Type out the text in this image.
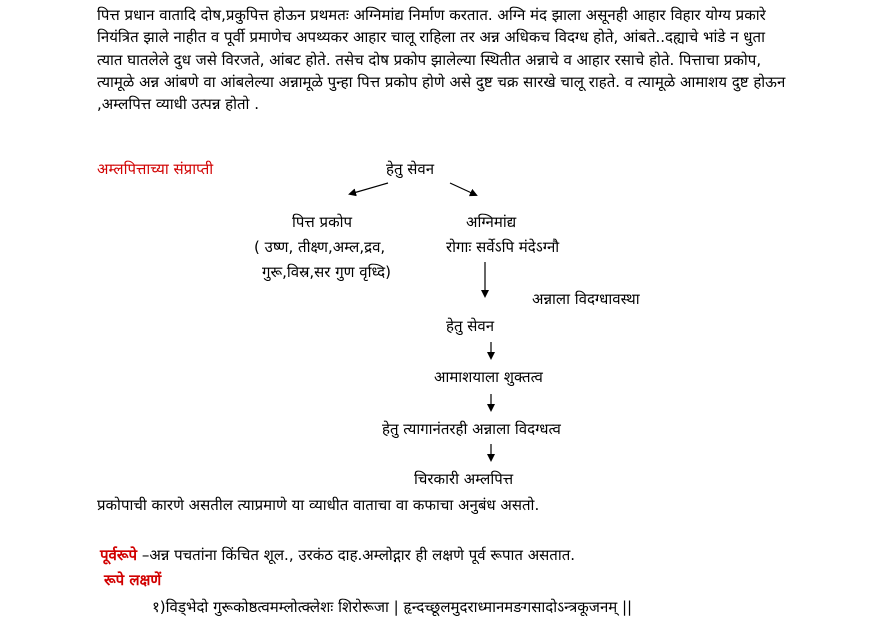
पित्त प्रधान वातादि दोष,प्रकुपित्त होऊन प्रथमतः अग्निमांद्य निर्माण करतात. अग्नि मंद झाला असूनही आहार विहार योग्य प्रकारे नियंत्रित झाले नाहीत व पूर्वी प्रमाणेच अपथ्यकर आहार चालू राहिला तर अन्न अधिकच विदग्ध होते, आंबते..दह्याचे भांडे न धुता त्यात घातलेले दुध जसे विरजते, आंबट होते. तसेच दोष प्रकोप झालेल्या स्थितीत अन्नाचे व आहार रसाचे होते. पित्ताचा प्रकोप, त्यामूळे अन्न आंबणे वा आंबलेल्या अन्नामूळे पुन्हा पित्त प्रकोप होणे असे दुष्ट चक्र सारखे चालू राहते. व त्यामूळे आमाशय दुष्ट होऊन ,अम्लपित्त व्याधी उत्पन्न होतो .

अम्लपित्ताच्या संप्राप्ती	हेतु सेवन
पित्त प्रकोप
( उष्ण, तीक्ष्ण,अम्ल,द्रव,
गुरू,विस्र,सर गुण वृध्दि)
अग्निमांद्य
रोगाः सर्वेऽपि मंदेऽग्नौ
अन्नाला विदग्धावस्था
हेतु सेवन
आमाशयाला शुक्तत्व
हेतु त्यागानंतरही अन्नाला विदग्धत्व
चिरकारी अम्लपित्त
प्रकोपाची कारणे असतील त्याप्रमाणे या व्याधीत वाताचा वा कफाचा अनुबंध असतो.
पूर्वरूपे –अन्न पचतांना किंचित शूल., उरकंठ दाह.अम्लोद्गार ही लक्षणे पूर्व रूपात असतात.
रूपे लक्षणें
१)विड्भेदो गुरूकोष्ठत्वमम्लोत्क्लेशः शिरोरूजा | हृन्दच्छूलमुदराध्मानमङगसादोऽन्त्रकूजनम् ||
